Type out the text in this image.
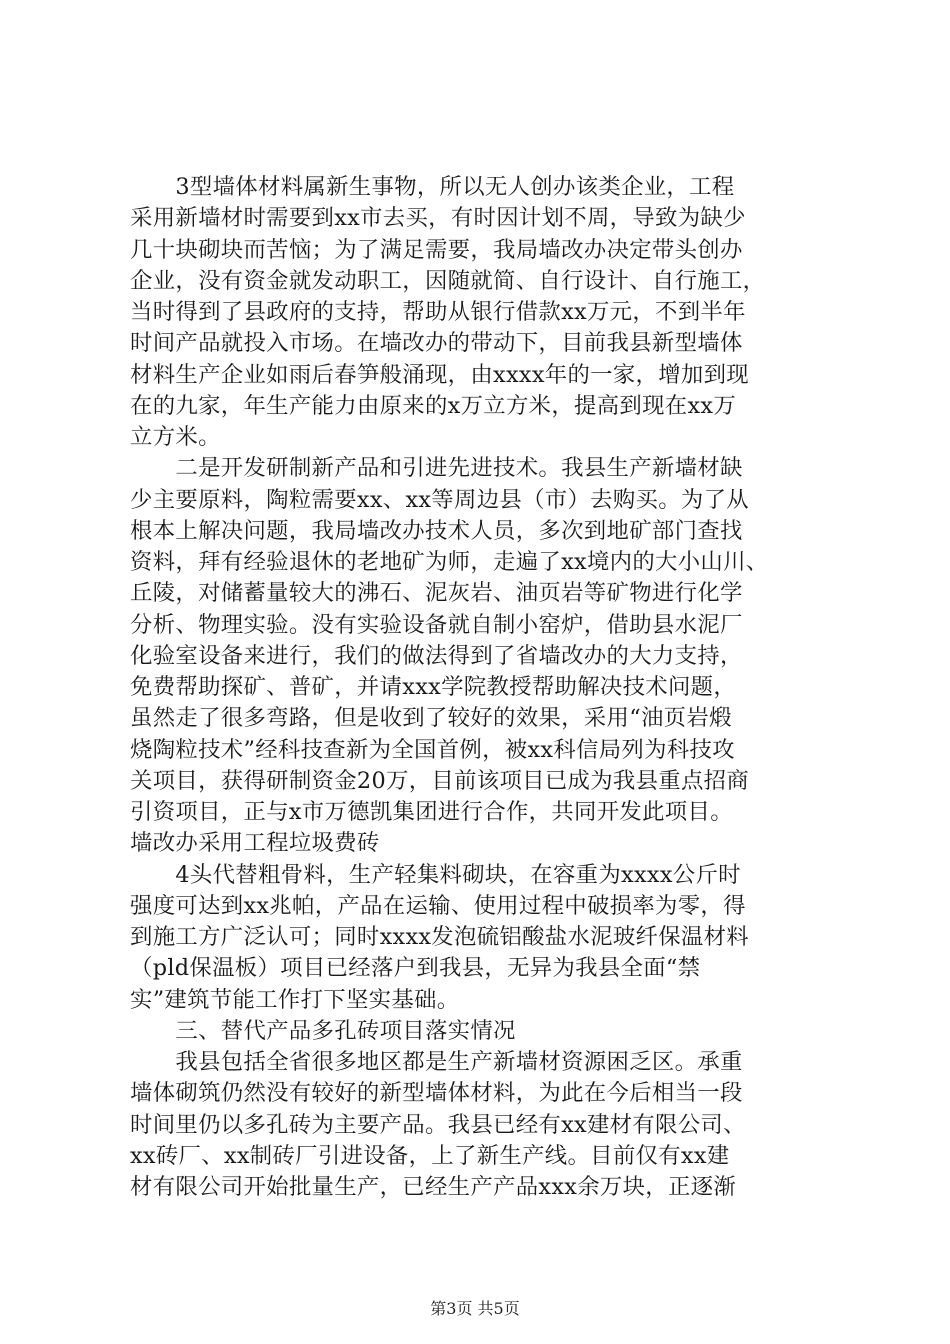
　　3型墙体材料属新生事物，所以无人创办该类企业，工程
采用新墙材时需要到xx市去买，有时因计划不周，导致为缺少
几十块砌块而苦恼；为了满足需要，我局墙改办决定带头创办
企业，没有资金就发动职工，因随就简、自行设计、自行施工，
当时得到了县政府的支持，帮助从银行借款xx万元，不到半年
时间产品就投入市场。在墙改办的带动下，目前我县新型墙体
材料生产企业如雨后春笋般涌现，由xxxx年的一家，增加到现
在的九家，年生产能力由原来的x万立方米，提高到现在xx万
立方米。
　　二是开发研制新产品和引进先进技术。我县生产新墙材缺
少主要原料，陶粒需要xx、xx等周边县（市）去购买。为了从
根本上解决问题，我局墙改办技术人员，多次到地矿部门查找
资料，拜有经验退休的老地矿为师，走遍了xx境内的大小山川、
丘陵，对储蓄量较大的沸石、泥灰岩、油页岩等矿物进行化学
分析、物理实验。没有实验设备就自制小窑炉，借助县水泥厂
化验室设备来进行，我们的做法得到了省墙改办的大力支持，
免费帮助探矿、普矿，并请xxx学院教授帮助解决技术问题，
虽然走了很多弯路，但是收到了较好的效果，采用“油页岩煅
烧陶粒技术”经科技查新为全国首例，被xx科信局列为科技攻
关项目，获得研制资金20万，目前该项目已成为我县重点招商
引资项目，正与x市万德凯集团进行合作，共同开发此项目。
墙改办采用工程垃圾费砖
　　4头代替粗骨料，生产轻集料砌块，在容重为xxxx公斤时
强度可达到xx兆帕，产品在运输、使用过程中破损率为零，得
到施工方广泛认可；同时xxxx发泡硫铝酸盐水泥玻纤保温材料
（pld保温板）项目已经落户到我县，无异为我县全面“禁
实”建筑节能工作打下坚实基础。
　　三、替代产品多孔砖项目落实情况
　　我县包括全省很多地区都是生产新墙材资源困乏区。承重
墙体砌筑仍然没有较好的新型墙体材料，为此在今后相当一段
时间里仍以多孔砖为主要产品。我县已经有xx建材有限公司、
xx砖厂、xx制砖厂引进设备，上了新生产线。目前仅有xx建
材有限公司开始批量生产，已经生产产品xxx余万块，正逐渐
第3页 共5页
